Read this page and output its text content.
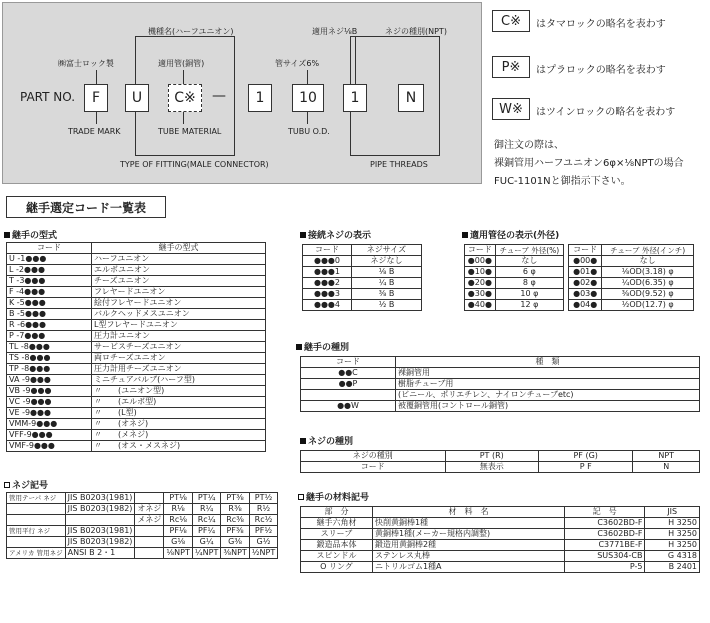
機種名(ハーフユニオン)	適用ネジ⅛B	ネジの種別(NPT)
㈱富士ロック製	適用管(銅管)	管サイズ6%
PART NO.	F	U	C※	—	1	10	1	N
TRADE MARK	TUBE MATERIAL	TUBU O.D.
TYPE OF FITTING(MALE CONNECTOR)	PIPE THREADS
C※	はタマロックの略名を表わす
P※	はプラロックの略名を表わす
W※	はツインロックの略名を表わす
御注文の際は、
裸銅管用ハーフユニオン6φ×⅛NPTの場合
FUC-1101Nと御指示下さい。
継手選定コード一覧表
継手の型式
コード	継手の型式
U -1●●●	ハーフユニオン
L -2●●●	エルボユニオン
T -3●●●	チーズユニオン
F -4●●●	フレヤードユニオン
K -5●●●	絵付フレヤードユニオン
B -5●●●	バルクヘッドメスユニオン
R -6●●●	L型フレヤードユニオン
P -7●●●	圧力計ユニオン
TL -8●●●	サービスチーズユニオン
TS -8●●●	両ロチーズユニオン
TP -8●●●	圧力計用チーズユニオン
VA -9●●●	ミニチュアバルブ(ハーフ型)
VB -9●●●	〃　　(ユニオン型)
VC -9●●●	〃　　(エルボ型)
VE -9●●●	〃　　(L型)
VMM-9●●●	〃　　(オネジ)
VFF-9●●●	〃　　(メネジ)
VMF-9●●●	〃　　(オス・メスネジ)
接続ネジの表示
コード	ネジサイズ
●●●0	ネジなし
●●●1	⅛ B
●●●2	¼ B
●●●3	⅜ B
●●●4	½ B
適用管径の表示(外径)
コード	チューブ 外径(%)
●00●	なし
●10●	6 φ
●20●	8 φ
●30●	10 φ
●40●	12 φ
コード	チューブ 外径(インチ)
●00●	なし
●01●	⅛OD(3.18) φ
●02●	¼OD(6.35) φ
●03●	⅜OD(9.52) φ
●04●	½OD(12.7) φ
継手の種別
コード	種　類
●●C	裸銅管用
●●P	樹脂チューブ用
	(ビニール、ポリエチレン、ナイロンチューブetc)
●●W	被覆銅管用(コントロール銅管)
ネジの種別
ネジの種別	PT (R)	PF (G)	NPT
コード	無表示	P F	N
ネジ記号
管用テーパ ネジ	JIS B0203(1981)		PT⅛	PT¼	PT⅜	PT½
	JIS B0203(1982)	オネジ	R⅛	R¼	R⅜	R½
		メネジ	Rc⅛	Rc¼	Rc⅜	Rc½
管用平行 ネジ	JIS B0203(1981)		PF⅛	PF¼	PF⅜	PF½
	JIS B0203(1982)		G⅛	G¼	G⅜	G½
アメリカ 管用ネジ	ANSI B 2・1		⅛NPT	¼NPT	⅜NPT	½NPT
継手の材料記号
部　分	材　料　名	記　号	JIS
継手六角材	快削黄銅棒1種	C3602BD-F	H 3250
スリーブ	黄銅棒1種(メーカー規格内調整)	C3602BD-F	H 3250
鍛造品本体	鍛造用黄銅棒2種	C3771BE-F	H 3250
スピンドル	ステンレス丸棒	SUS304-CB	G 4318
O リング	ニトリルゴム1種A	P-5	B 2401
